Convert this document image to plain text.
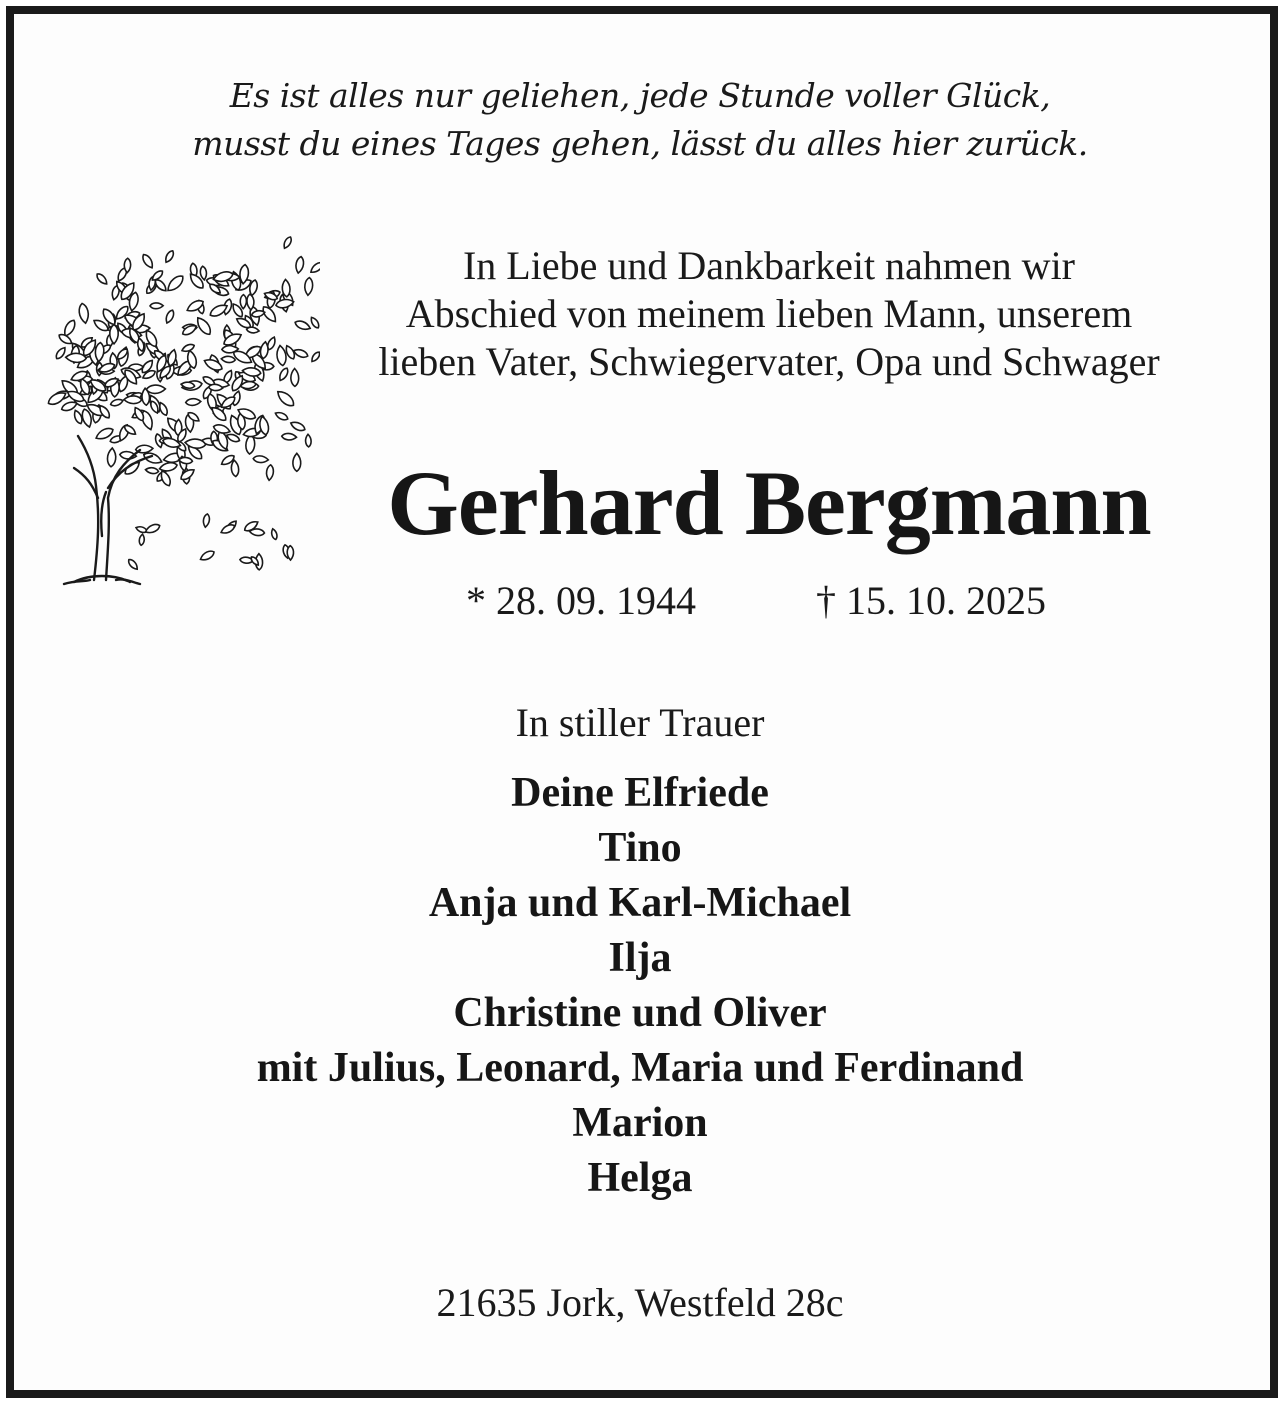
Es ist alles nur geliehen, jede Stunde voller Glück,
musst du eines Tages gehen, lässt du alles hier zurück.
In Liebe und Dankbarkeit nahmen wir
Abschied von meinem lieben Mann, unserem
lieben Vater, Schwiegervater, Opa und Schwager
Gerhard Bergmann
* 28. 09. 1944	† 15. 10. 2025
In stiller Trauer
Deine Elfriede
Tino
Anja und Karl-Michael
Ilja
Christine und Oliver
mit Julius, Leonard, Maria und Ferdinand
Marion
Helga
21635 Jork, Westfeld 28c
